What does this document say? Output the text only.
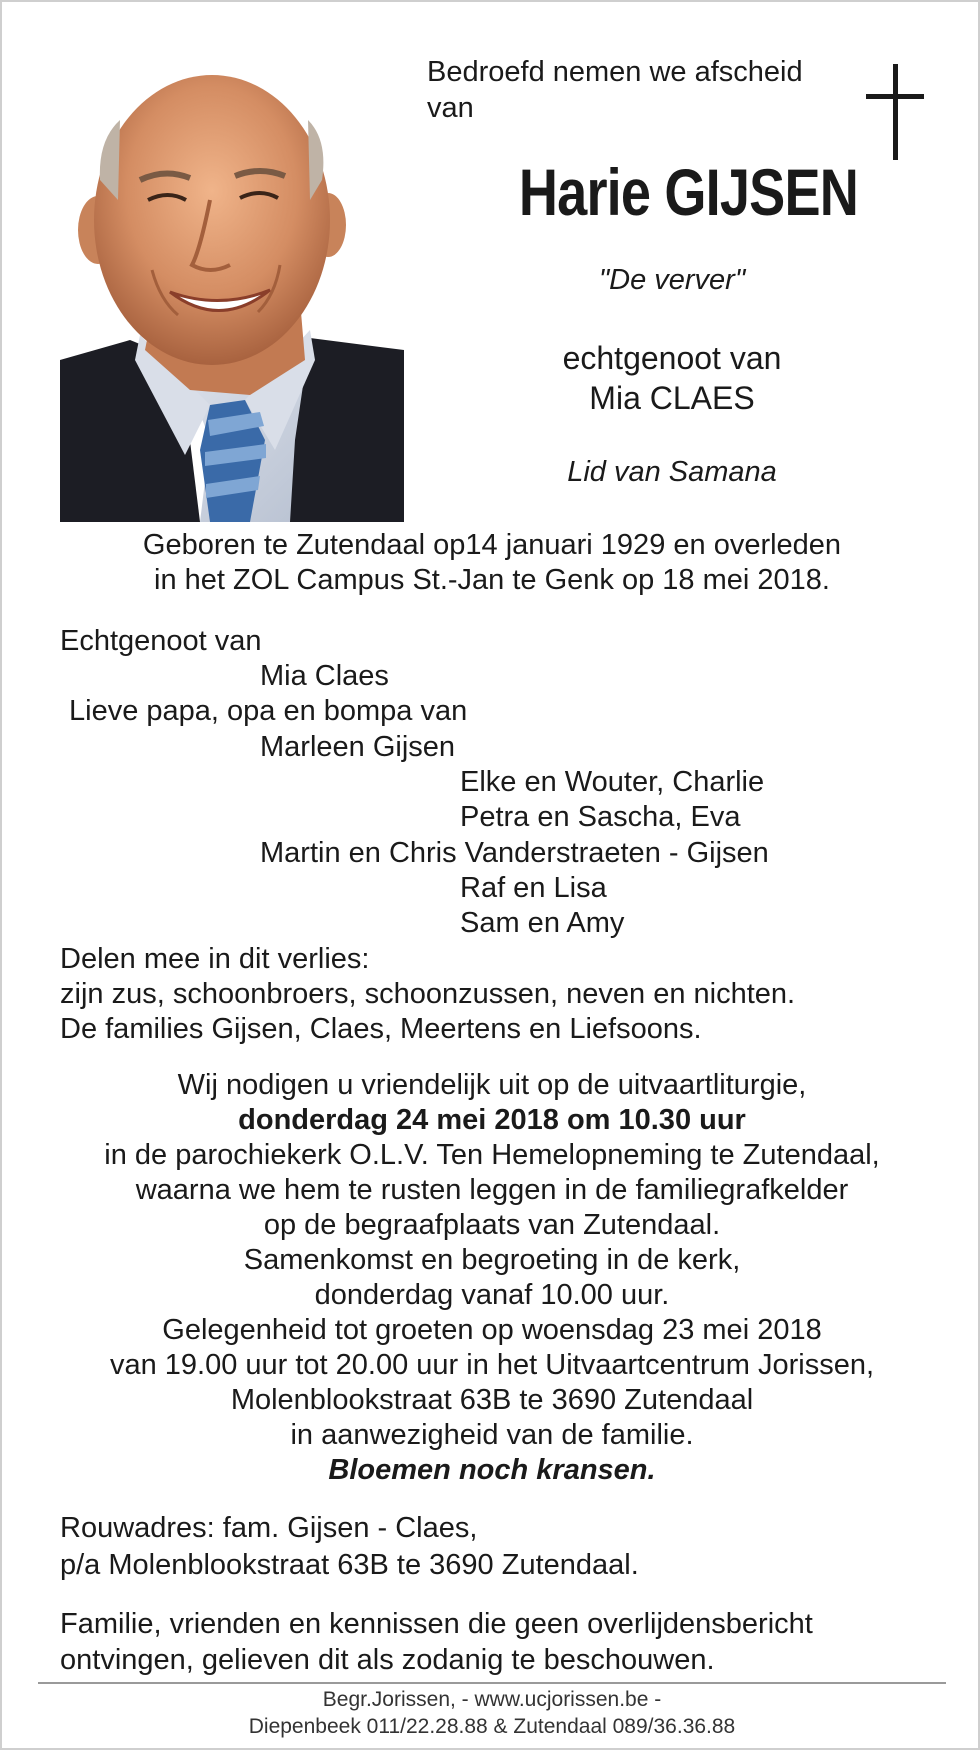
Bedroefd nemen we afscheid
van

Harie GIJSEN

"De verver"

echtgenoot van
Mia CLAES

Lid van Samana

Geboren te Zutendaal op14 januari 1929 en overleden

in het ZOL Campus St.-Jan te Genk op 18 mei 2018.

Echtgenoot van
Mia Claes
Lieve papa, opa en bompa van
Marleen Gijsen
Elke en Wouter, Charlie
Petra en Sascha, Eva
Martin en Chris Vanderstraeten - Gijsen
Raf en Lisa
Sam en Amy
Delen mee in dit verlies:
zijn zus, schoonbroers, schoonzussen, neven en nichten.
De families Gijsen, Claes, Meertens en Liefsoons.

Wij nodigen u vriendelijk uit op de uitvaartliturgie,

donderdag 24 mei 2018 om 10.30 uur

in de parochiekerk O.L.V. Ten Hemelopneming te Zutendaal,

waarna we hem te rusten leggen in de familiegrafkelder

op de begraafplaats van Zutendaal.

Samenkomst en begroeting in de kerk,

donderdag vanaf 10.00 uur.

Gelegenheid tot groeten op woensdag 23 mei 2018

van 19.00 uur tot 20.00 uur in het Uitvaartcentrum Jorissen,

Molenblookstraat 63B te 3690 Zutendaal

in aanwezigheid van de familie.

Bloemen noch kransen.

Rouwadres: fam. Gijsen - Claes,

p/a Molenblookstraat 63B te 3690 Zutendaal.

Familie, vrienden en kennissen die geen overlijdensbericht

ontvingen, gelieven dit als zodanig te beschouwen.

Begr.Jorissen, - www.ucjorissen.be -

Diepenbeek 011/22.28.88 & Zutendaal 089/36.36.88
